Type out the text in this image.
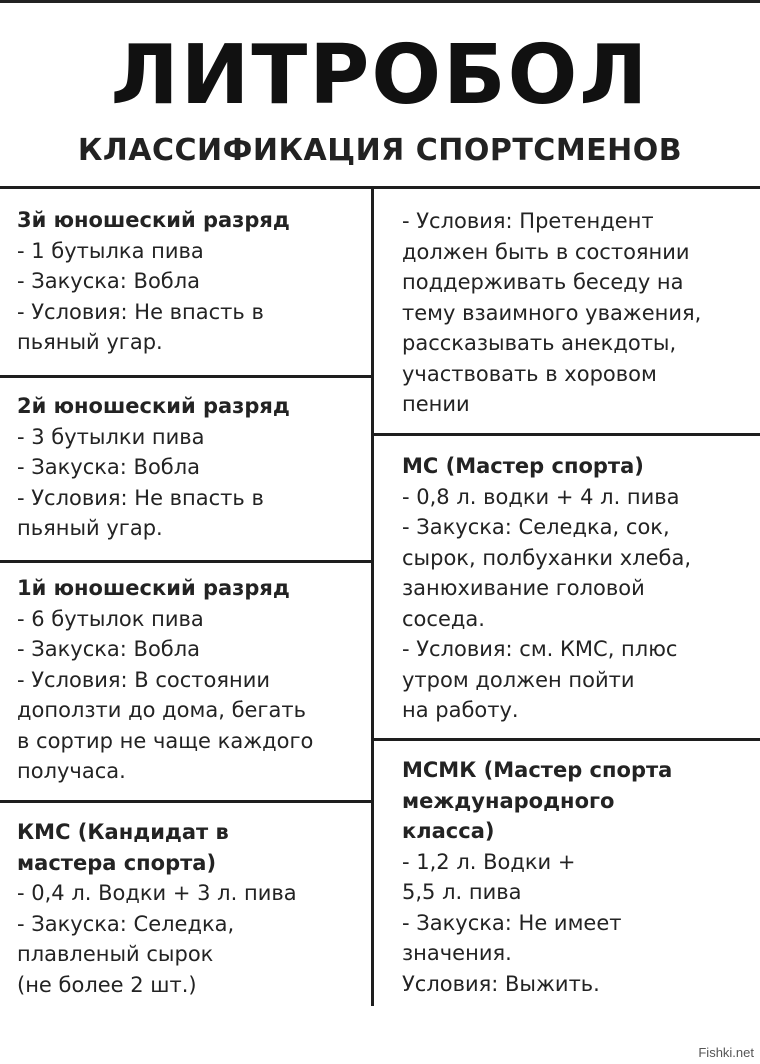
ЛИТРОБОЛ
КЛАССИФИКАЦИЯ СПОРТСМЕНОВ
3й юношеский разряд
- 1 бутылка пива
- Закуска: Вобла
- Условия: Не впасть в
пьяный угар.
2й юношеский разряд
- 3 бутылки пива
- Закуска: Вобла
- Условия: Не впасть в
пьяный угар.
1й юношеский разряд
- 6 бутылок пива
- Закуска: Вобла
- Условия: В состоянии
доползти до дома, бегать
в сортир не чаще каждого
получаса.
КМС (Кандидат в
мастера спорта)
- 0,4 л. Водки + 3 л. пива
- Закуска: Селедка,
плавленый сырок
(не более 2 шт.)
- Условия: Претендент
должен быть в состоянии
поддерживать беседу на
тему взаимного уважения,
рассказывать анекдоты,
участвовать в хоровом
пении
МС (Мастер спорта)
- 0,8 л. водки + 4 л. пива
- Закуска: Селедка, сок,
сырок, полбуханки хлеба,
занюхивание головой
соседа.
- Условия: см. КМС, плюс
утром должен пойти
на работу.
МСМК (Мастер спорта
международного
класса)
- 1,2 л. Водки +
5,5 л. пива
- Закуска: Не имеет
значения.
Условия: Выжить.
Fishki.net
